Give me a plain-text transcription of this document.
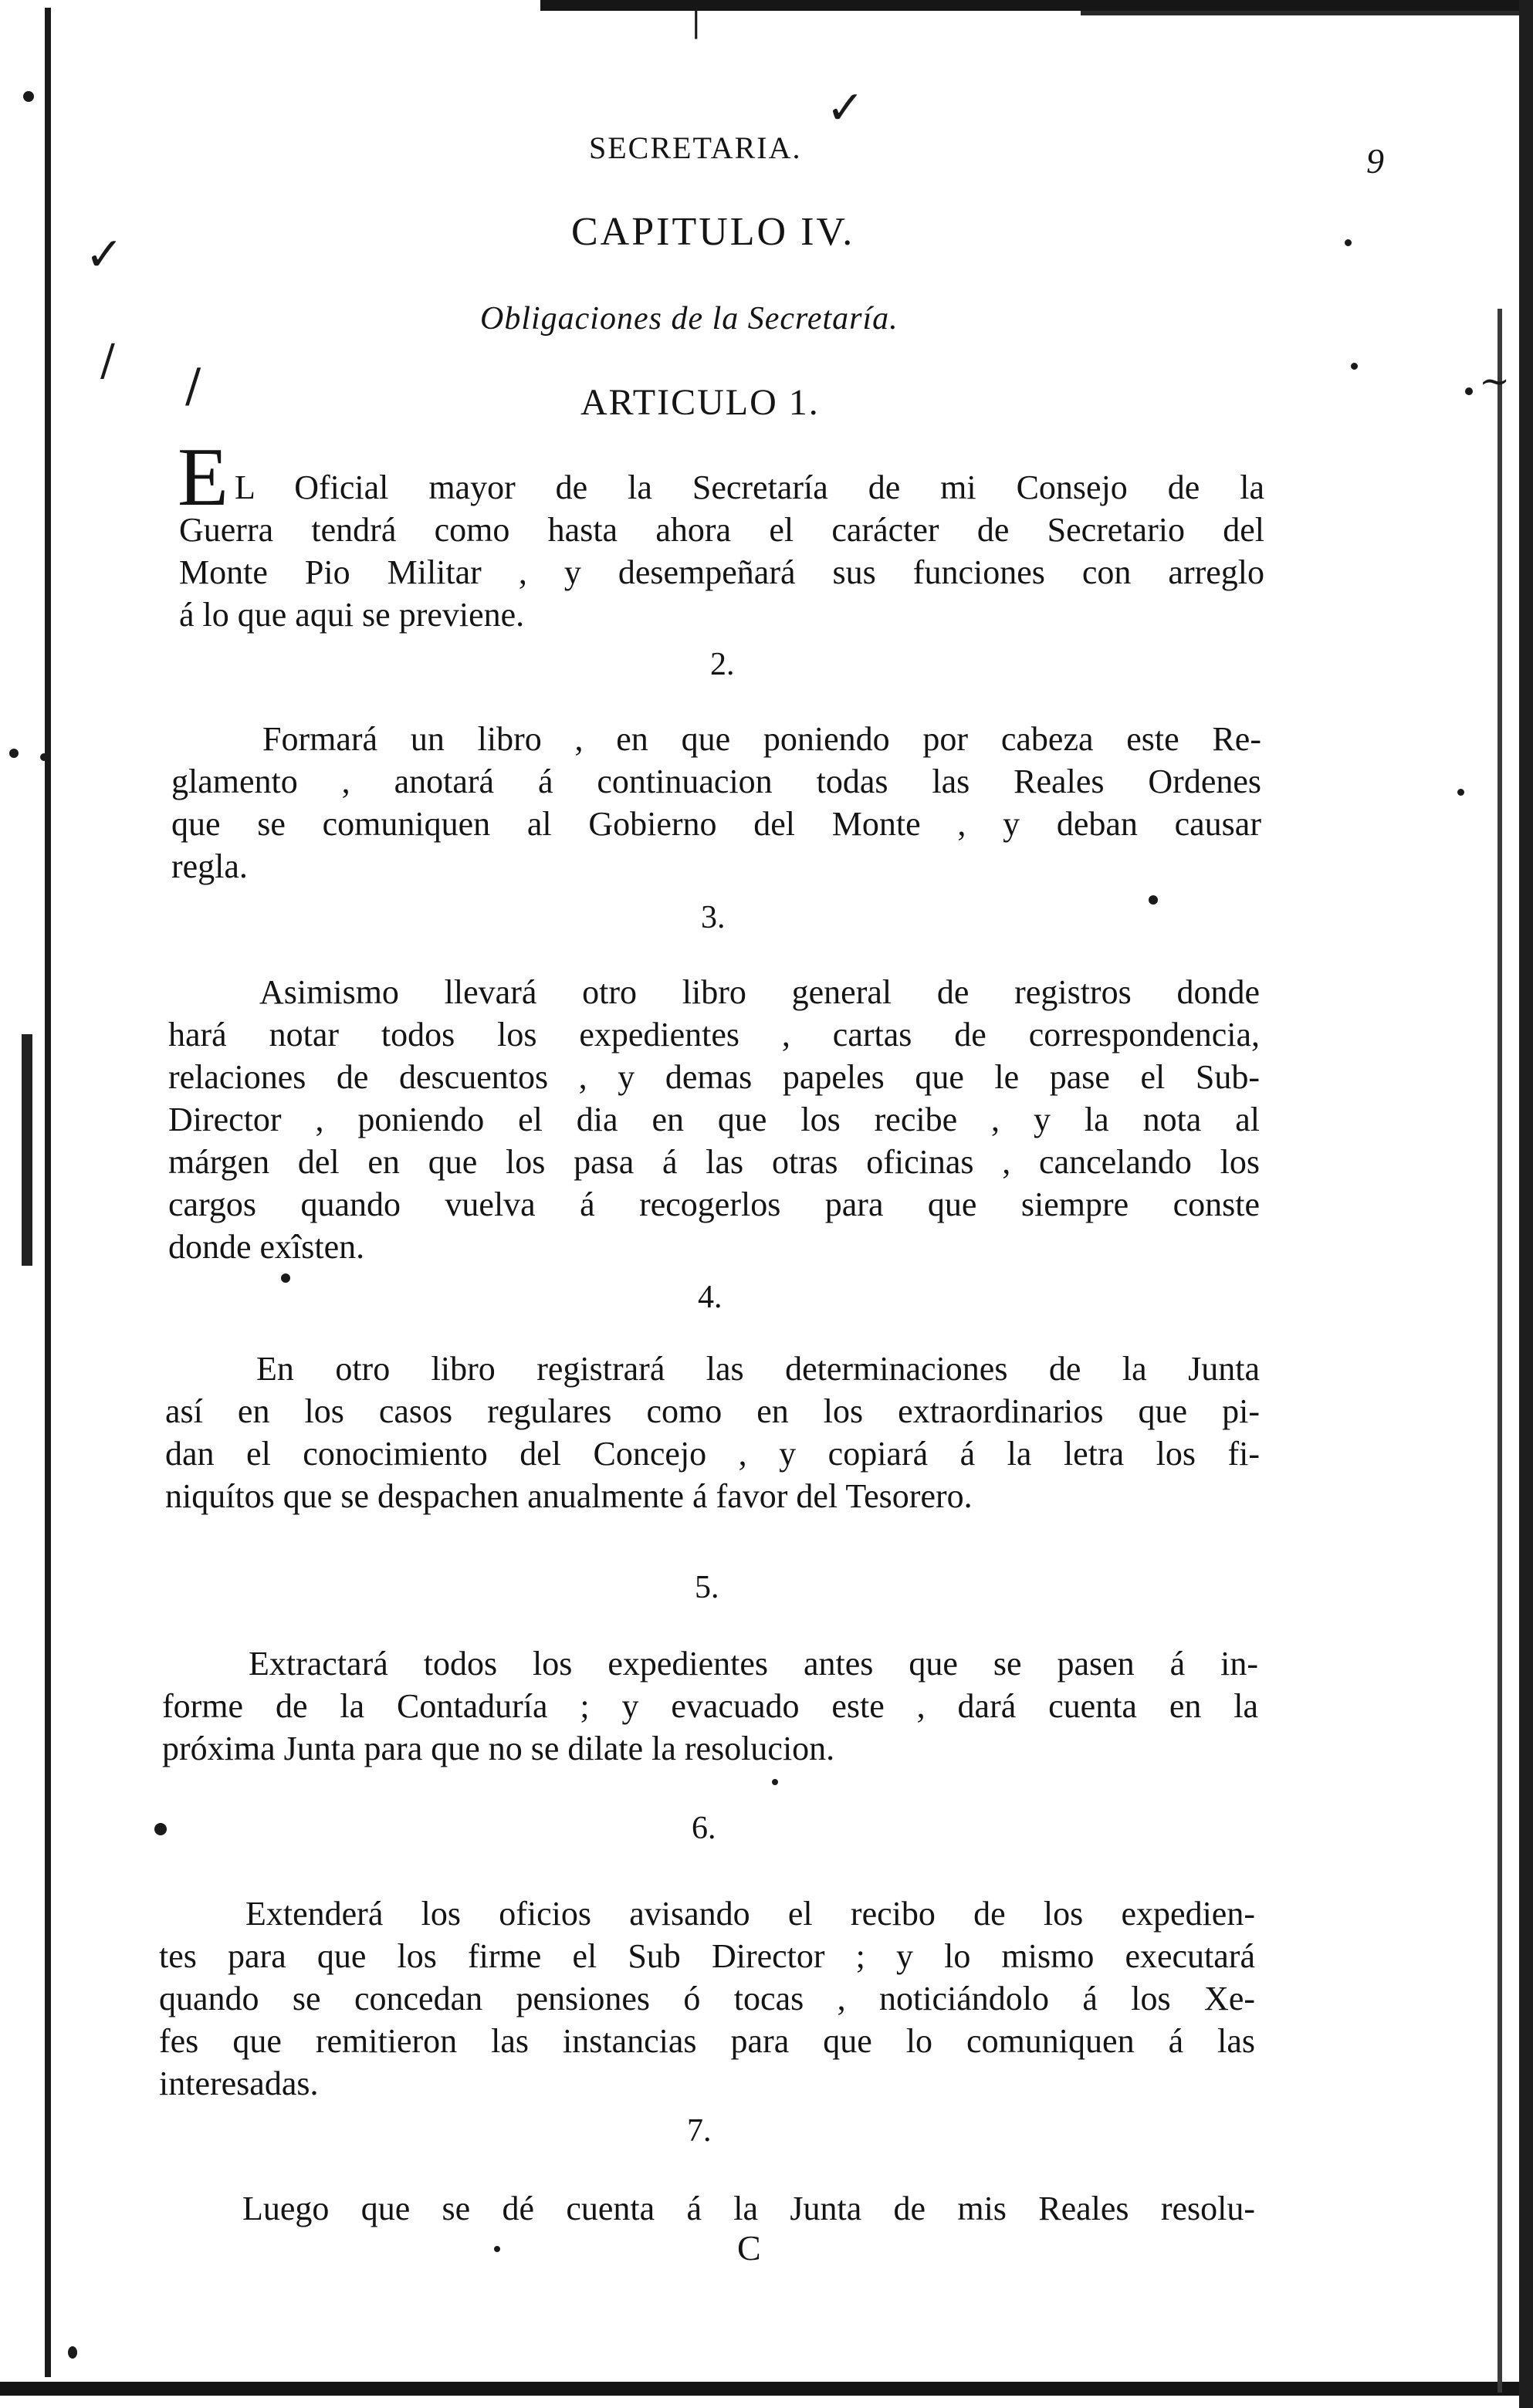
✓
✓
/ /
|
~
SECRETARIA.	9
CAPITULO IV.
Obligaciones de la Secretaría.
ARTICULO 1.
E L Oficial mayor de la Secretaría de mi Consejo de la
Guerra tendrá como hasta ahora el carácter de Secretario del
Monte Pio Militar , y desempeñará sus funciones con arreglo
á lo que aqui se previene.
2.
Formará un libro , en que poniendo por cabeza este Re-
glamento , anotará á continuacion todas las Reales Ordenes
que se comuniquen al Gobierno del Monte , y deban causar
regla.
3.
Asimismo llevará otro libro general de registros donde
hará notar todos los expedientes , cartas de correspondencia,
relaciones de descuentos , y demas papeles que le pase el Sub-
Director , poniendo el dia en que los recibe , y la nota al
márgen del en que los pasa á las otras oficinas , cancelando los
cargos quando vuelva á recogerlos para que siempre conste
donde exîsten.
4.
En otro libro registrará las determinaciones de la Junta
así en los casos regulares como en los extraordinarios que pi-
dan el conocimiento del Concejo , y copiará á la letra los fi-
niquítos que se despachen anualmente á favor del Tesorero.
5.
Extractará todos los expedientes antes que se pasen á in-
forme de la Contaduría ; y evacuado este , dará cuenta en la
próxima Junta para que no se dilate la resolucion.
6.
Extenderá los oficios avisando el recibo de los expedien-
tes para que los firme el Sub Director ; y lo mismo executará
quando se concedan pensiones ó tocas , noticiándolo á los Xe-
fes que remitieron las instancias para que lo comuniquen á las
interesadas.
7.
Luego que se dé cuenta á la Junta de mis Reales resolu-
C
